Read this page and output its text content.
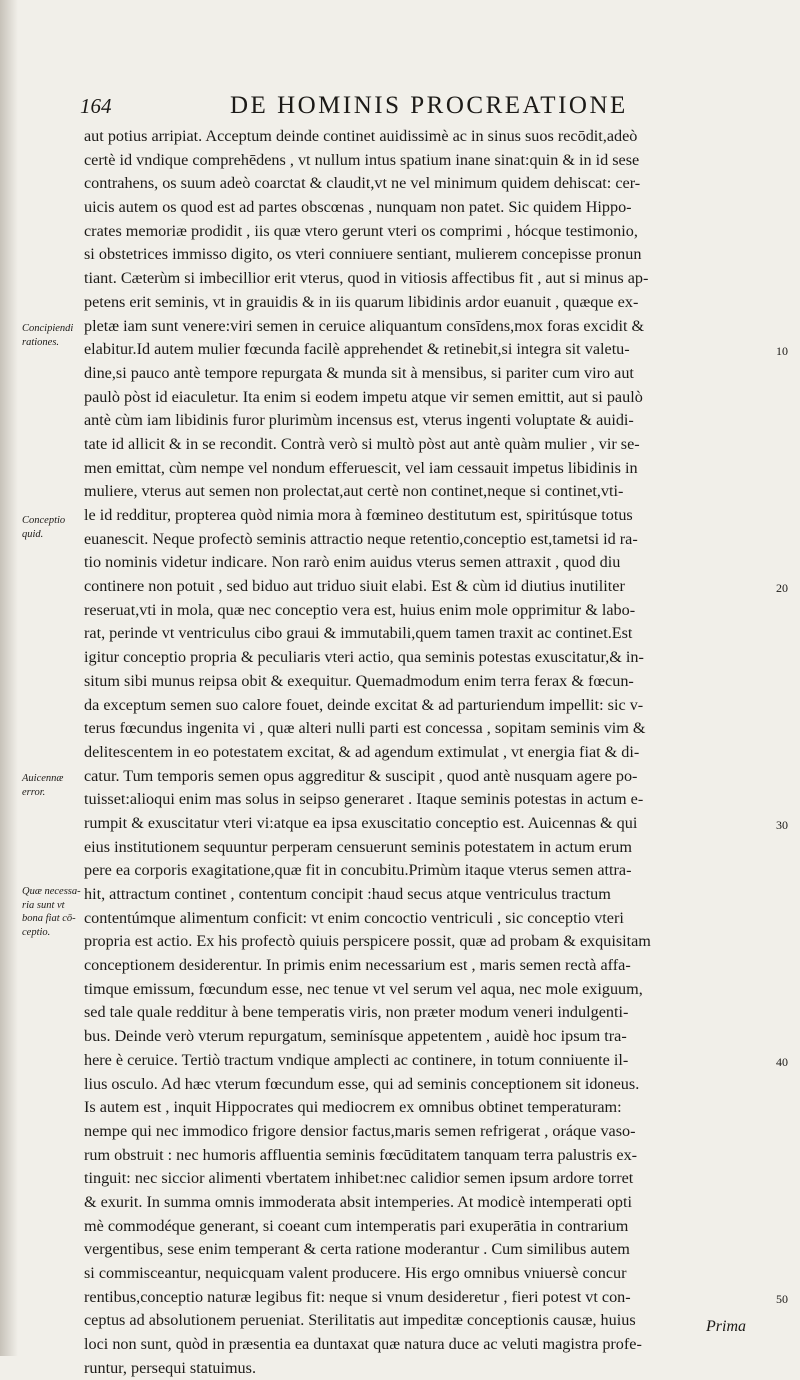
164	DE HOMINIS PROCREATIONE
aut potius arripiat. Acceptum deinde continet auidissimè ac in sinus suos recōdit,adeò
certè id vndique comprehēdens , vt nullum intus spatium inane sinat:quin & in id sese
contrahens, os suum adeò coarctat & claudit,vt ne vel minimum quidem dehiscat: cer-
uicis autem os quod est ad partes obscœnas , nunquam non patet. Sic quidem Hippo-
crates memoriæ prodidit , iis quæ vtero gerunt vteri os comprimi , hócque testimonio,
si obstetrices immisso digito, os vteri conniuere sentiant, mulierem concepisse pronun
tiant. Cæterùm si imbecillior erit vterus, quod in vitiosis affectibus fit , aut si minus ap-
petens erit seminis, vt in grauidis & in iis quarum libidinis ardor euanuit , quæque ex-
pletæ iam sunt venere:viri semen in ceruice aliquantum consīdens,mox foras excidit &
elabitur.Id autem mulier fœcunda facilè apprehendet & retinebit,si integra sit valetu-
dine,si pauco antè tempore repurgata & munda sit à mensibus, si pariter cum viro aut
paulò pòst id eiaculetur. Ita enim si eodem impetu atque vir semen emittit, aut si paulò
antè cùm iam libidinis furor plurimùm incensus est, vterus ingenti voluptate & auidi-
tate id allicit & in se recondit. Contrà verò si multò pòst aut antè quàm mulier , vir se-
men emittat, cùm nempe vel nondum efferuescit, vel iam cessauit impetus libidinis in
muliere, vterus aut semen non prolectat,aut certè non continet,neque si continet,vti-
le id redditur, propterea quòd nimia mora à fœmineo destitutum est, spiritúsque totus
euanescit. Neque profectò seminis attractio neque retentio,conceptio est,tametsi id ra-
tio nominis videtur indicare. Non rarò enim auidus vterus semen attraxit , quod diu
continere non potuit , sed biduo aut triduo siuit elabi. Est & cùm id diutius inutiliter
reseruat,vti in mola, quæ nec conceptio vera est, huius enim mole opprimitur & labo-
rat, perinde vt ventriculus cibo graui & immutabili,quem tamen traxit ac continet.Est
igitur conceptio propria & peculiaris vteri actio, qua seminis potestas exuscitatur,& in-
situm sibi munus reipsa obit & exequitur. Quemadmodum enim terra ferax & fœcun-
da exceptum semen suo calore fouet, deinde excitat & ad parturiendum impellit: sic v-
terus fœcundus ingenita vi , quæ alteri nulli parti est concessa , sopitam seminis vim &
delitescentem in eo potestatem excitat, & ad agendum extimulat , vt energia fiat & di-
catur. Tum temporis semen opus aggreditur & suscipit , quod antè nusquam agere po-
tuisset:alioqui enim mas solus in seipso generaret . Itaque seminis potestas in actum e-
rumpit & exuscitatur vteri vi:atque ea ipsa exuscitatio conceptio est. Auicennas & qui
eius institutionem sequuntur perperam censuerunt seminis potestatem in actum erum
pere ea corporis exagitatione,quæ fit in concubitu.Primùm itaque vterus semen attra-
hit, attractum continet , contentum concipit :haud secus atque ventriculus tractum
contentúmque alimentum conficit: vt enim concoctio ventriculi , sic conceptio vteri
propria est actio. Ex his profectò quiuis perspicere possit, quæ ad probam & exquisitam
conceptionem desiderentur. In primis enim necessarium est , maris semen rectà affa-
timque emissum, fœcundum esse, nec tenue vt vel serum vel aqua, nec mole exiguum,
sed tale quale redditur à bene temperatis viris, non præter modum veneri indulgenti-
bus. Deinde verò vterum repurgatum, seminísque appetentem , auidè hoc ipsum tra-
here è ceruice. Tertiò tractum vndique amplecti ac continere, in totum conniuente il-
lius osculo. Ad hæc vterum fœcundum esse, qui ad seminis conceptionem sit idoneus.
Is autem est , inquit Hippocrates qui mediocrem ex omnibus obtinet temperaturam:
nempe qui nec immodico frigore densior factus,maris semen refrigerat , oráque vaso-
rum obstruit : nec humoris affluentia seminis fœcūditatem tanquam terra palustris ex-
tinguit: nec siccior alimenti vbertatem inhibet:nec calidior semen ipsum ardore torret
& exurit. In summa omnis immoderata absit intemperies. At modicè intemperati opti
mè commodéque generant, si coeant cum intemperatis pari exuperātia in contrarium
vergentibus, sese enim temperant & certa ratione moderantur . Cum similibus autem
si commisceantur, nequicquam valent producere. His ergo omnibus vniuersè concur
rentibus,conceptio naturæ legibus fit: neque si vnum desideretur , fieri potest vt con-
ceptus ad absolutionem perueniat. Sterilitatis aut impeditæ conceptionis causæ, huius
loci non sunt, quòd in præsentia ea duntaxat quæ natura duce ac veluti magistra profe-
runtur, persequi statuimus.
Concipiendi
rationes.
Conceptio
quid.
Auicennæ
error.
Quæ necessa-
ria sunt vt
bona fiat cō-
ceptio.
10
20
30
40
50
Prima
